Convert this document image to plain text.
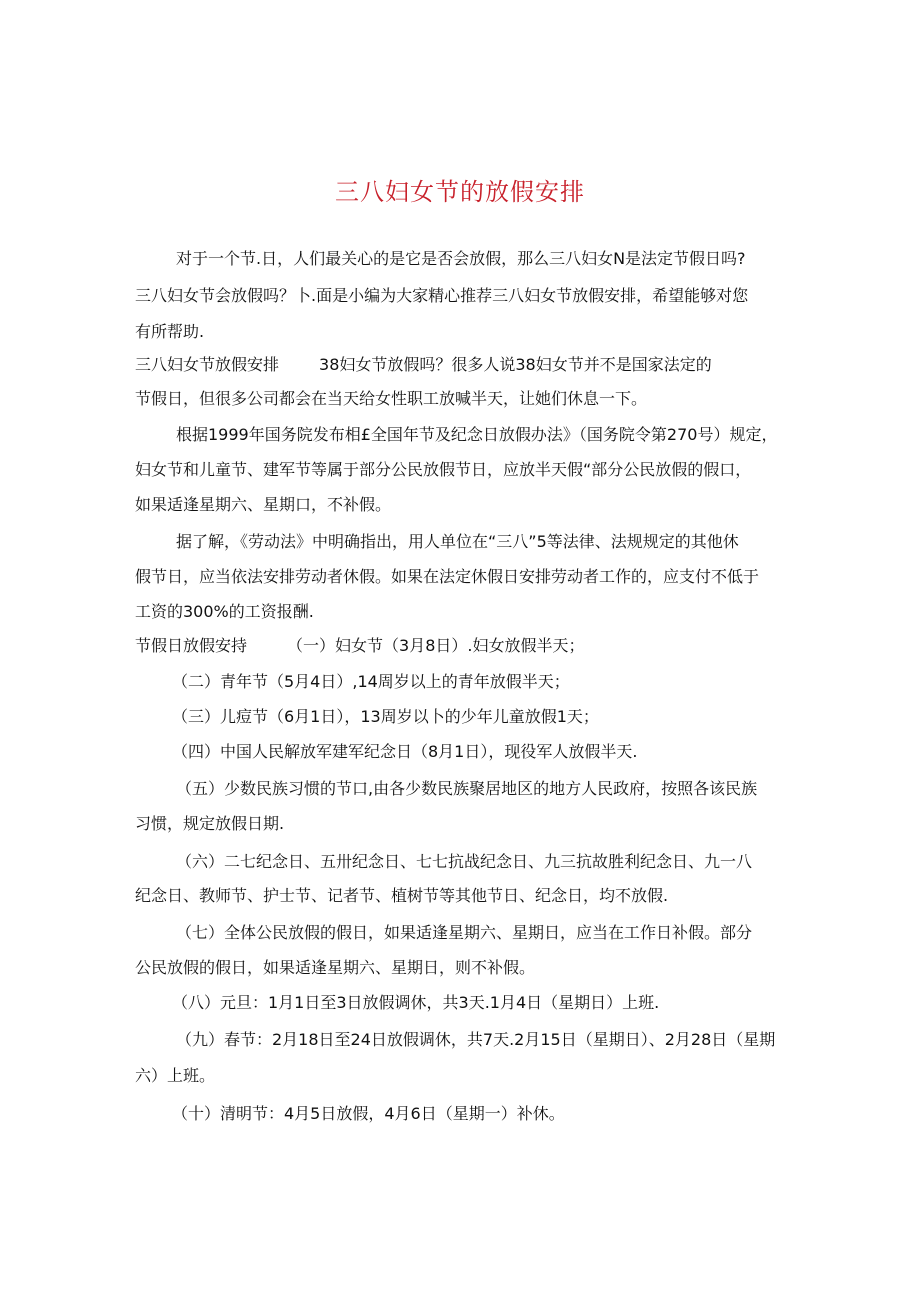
三八妇女节的放假安排
对于一个节.日，人们最关心的是它是否会放假，那么三八妇女N是法定节假日吗?
三八妇女节会放假吗？卜.面是小编为大家精心推荐三八妇女节放假安排，希望能够对您
有所帮助.
三八妇女节放假安排	38妇女节放假吗？很多人说38妇女节并不是国家法定的
节假日，但很多公司都会在当天给女性职工放喊半天，让她们休息一下。
根据1999年国务院发布相£全国年节及纪念日放假办法》（国务院令第270号）规定，
妇女节和儿童节、建军节等属于部分公民放假节日，应放半天假“部分公民放假的假口，
如果适逢星期六、星期口，不补假。
据了解，《劳动法》中明确指出，用人单位在“三八”5等法律、法规规定的其他休
假节日，应当依法安排劳动者休假。如果在法定休假日安排劳动者工作的，应支付不低于
工资的300%的工资报酬.
节假日放假安持	（一）妇女节（3月8日）.妇女放假半天；
（二）青年节（5月4日）,14周岁以上的青年放假半天；
（三）儿痘节（6月1日），13周岁以卜的少年儿童放假1天；
（四）中国人民解放军建军纪念日（8月1日），现役军人放假半天.
（五）少数民族习惯的节口,由各少数民族聚居地区的地方人民政府，按照各该民族
习惯，规定放假日期.
（六）二七纪念日、五卅纪念日、七七抗战纪念日、九三抗故胜利纪念日、九一八
纪念日、教师节、护士节、记者节、植树节等其他节日、纪念日，均不放假.
（七）全体公民放假的假日，如果适逢星期六、星期日，应当在工作日补假。部分
公民放假的假日，如果适逢星期六、星期日，则不补假。
（八）元旦：1月1日至3日放假调休，共3天.1月4日（星期日）上班.
（九）春节：2月18日至24日放假调休，共7天.2月15日（星期日）、2月28日（星期
六）上班。
（十）清明节：4月5日放假，4月6日（星期一）补休。
